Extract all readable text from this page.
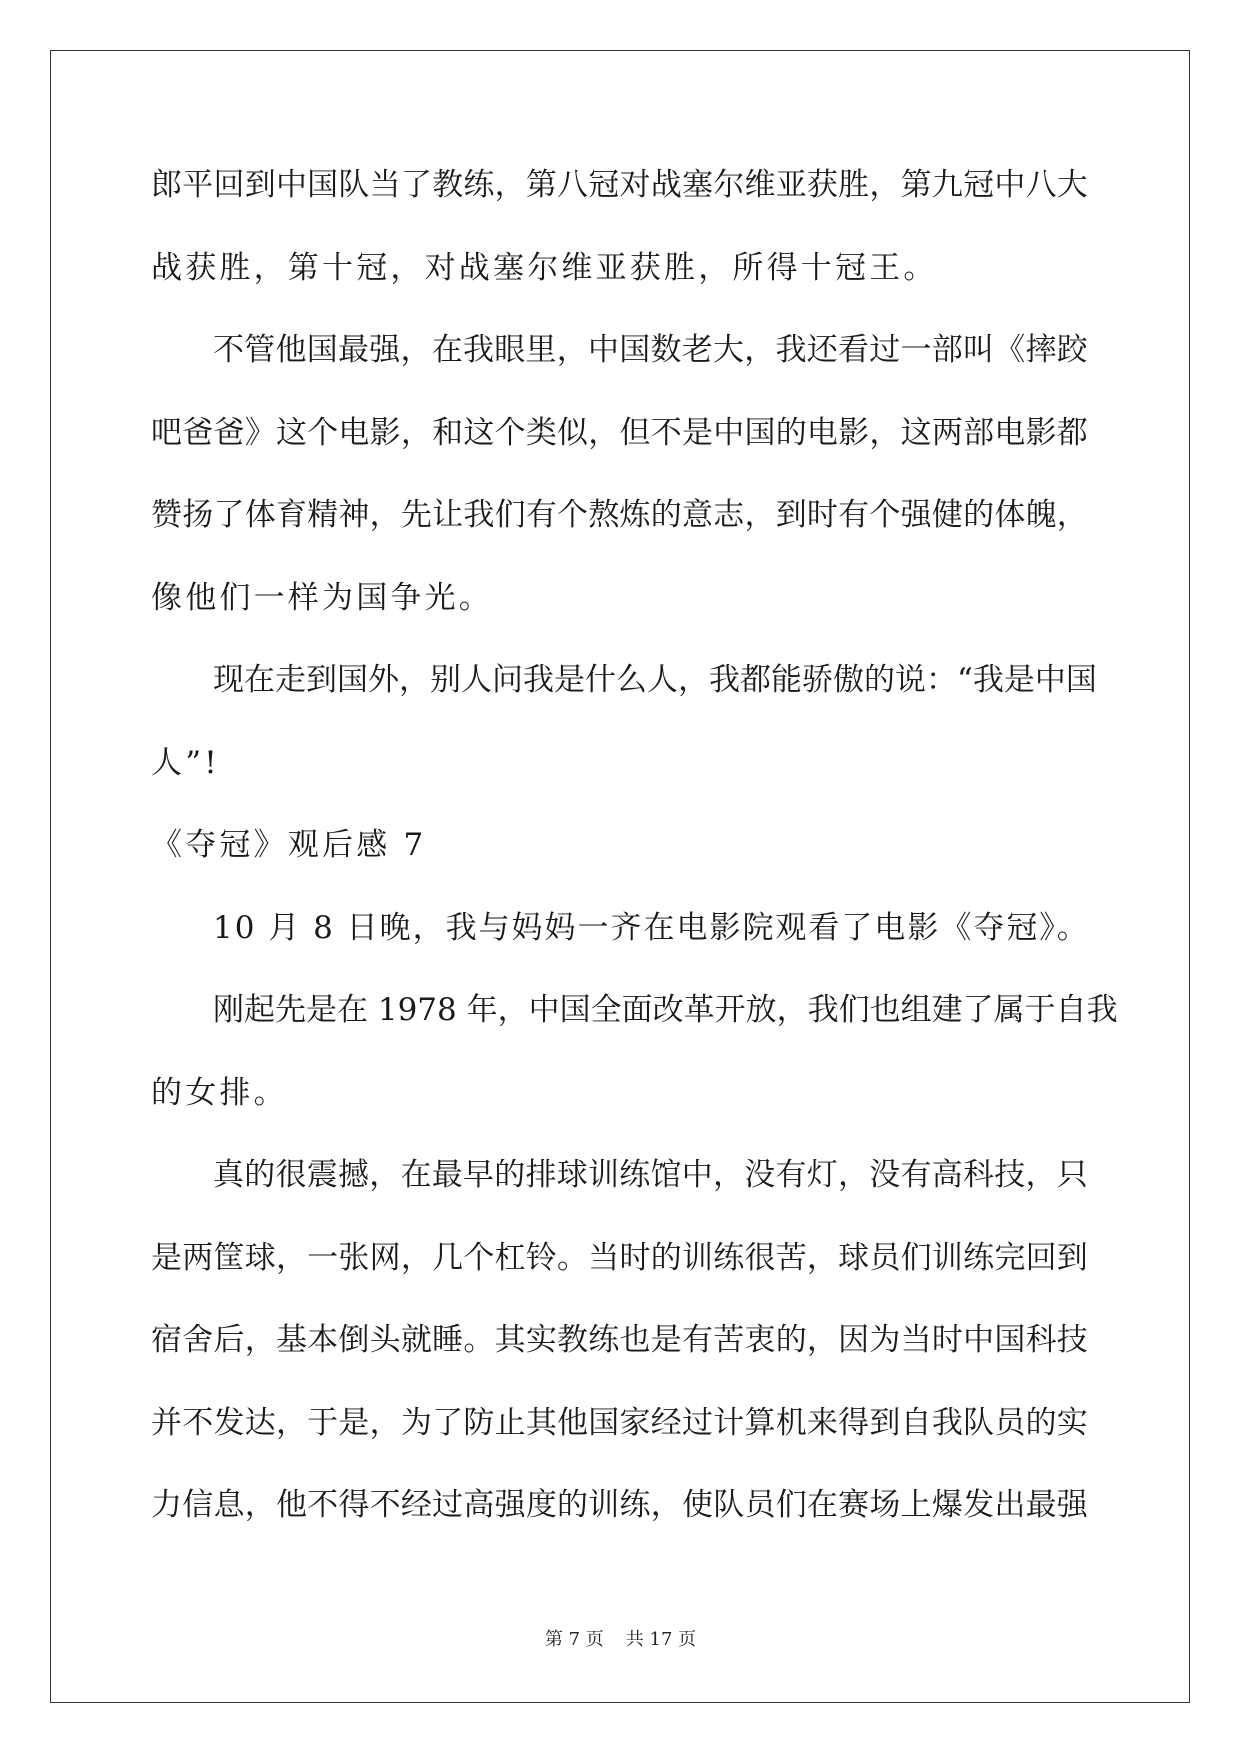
郎平回到中国队当了教练，第八冠对战塞尔维亚获胜，第九冠中八大
战获胜，第十冠，对战塞尔维亚获胜，所得十冠王。
不管他国最强，在我眼里，中国数老大，我还看过一部叫《摔跤
吧爸爸》这个电影，和这个类似，但不是中国的电影，这两部电影都
赞扬了体育精神，先让我们有个熬炼的意志，到时有个强健的体魄，
像他们一样为国争光。
现在走到国外，别人问我是什么人，我都能骄傲的说：“我是中国
人”!
《夺冠》观后感 7
10 月 8 日晚，我与妈妈一齐在电影院观看了电影《夺冠》。
刚起先是在 1978 年，中国全面改革开放，我们也组建了属于自我
的女排。
真的很震撼，在最早的排球训练馆中，没有灯，没有高科技，只
是两筐球，一张网，几个杠铃。当时的训练很苦，球员们训练完回到
宿舍后，基本倒头就睡。其实教练也是有苦衷的，因为当时中国科技
并不发达，于是，为了防止其他国家经过计算机来得到自我队员的实
力信息，他不得不经过高强度的训练，使队员们在赛场上爆发出最强
第 7 页 共 17 页
